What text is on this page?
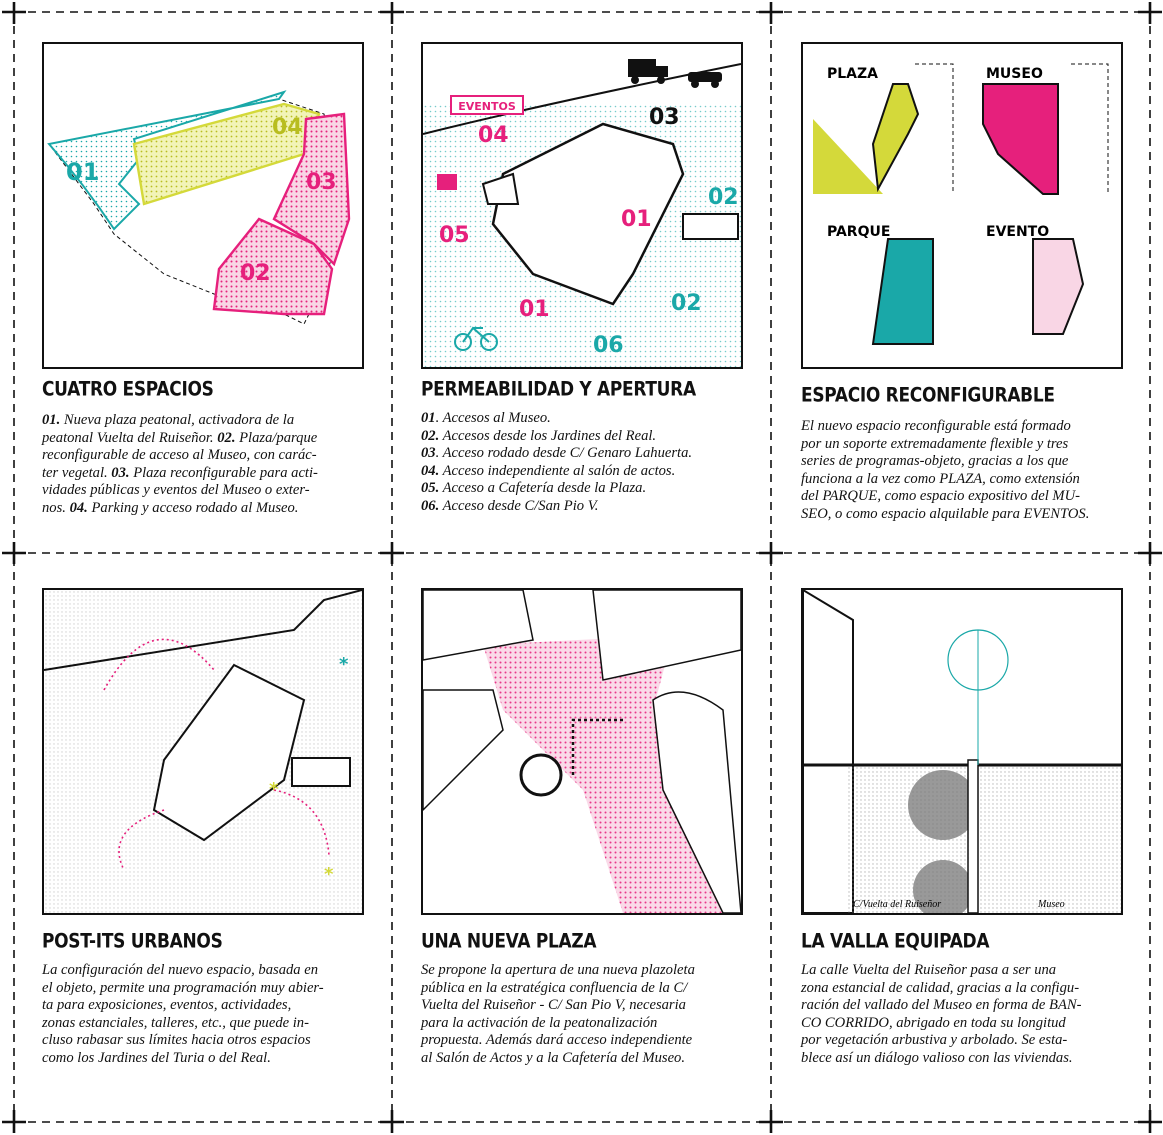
01
04
03
02
CUATRO ESPACIOS
01. Nueva plaza peatonal, activadora de la
peatonal Vuelta del Ruiseñor. 02. Plaza/parque
reconfigurable de acceso al Museo, con carác-
ter vegetal. 03. Plaza reconfigurable para acti-
vidades públicas y eventos del Museo o exter-
nos. 04. Parking y acceso rodado al Museo.
EVENTOS
04
03
02
01
05
01	02
06
PERMEABILIDAD Y APERTURA
01. Accesos al Museo.
02. Accesos desde los Jardines del Real.
03. Acceso rodado desde C/ Genaro Lahuerta.
04. Acceso independiente al salón de actos.
05. Acceso a Cafetería desde la Plaza.
06. Acceso desde C/San Pio V.
PLAZA	MUSEO
PARQUE	EVENTO
ESPACIO RECONFIGURABLE
El nuevo espacio reconfigurable está formado
por un soporte extremadamente flexible y tres
series de programas-objeto, gracias a los que
funciona a la vez como PLAZA, como extensión
del PARQUE, como espacio expositivo del MU-
SEO, o como espacio alquilable para EVENTOS.
*
*
*
POST-ITS URBANOS
La configuración del nuevo espacio, basada en
el objeto, permite una programación muy abier-
ta para exposiciones, eventos, actividades,
zonas estanciales, talleres, etc., que puede in-
cluso rabasar sus límites hacia otros espacios
como los Jardines del Turia o del Real.
UNA NUEVA PLAZA
Se propone la apertura de una nueva plazoleta
pública en la estratégica confluencia de la C/
Vuelta del Ruiseñor - C/ San Pio V, necesaria
para la activación de la peatonalización
propuesta. Además dará acceso independiente
al Salón de Actos y a la Cafetería del Museo.
C/Vuelta del Ruiseñor	Museo
LA VALLA EQUIPADA
La calle Vuelta del Ruiseñor pasa a ser una
zona estancial de calidad, gracias a la configu-
ración del vallado del Museo en forma de BAN-
CO CORRIDO, abrigado en toda su longitud
por vegetación arbustiva y arbolado. Se esta-
blece así un diálogo valioso con las viviendas.
